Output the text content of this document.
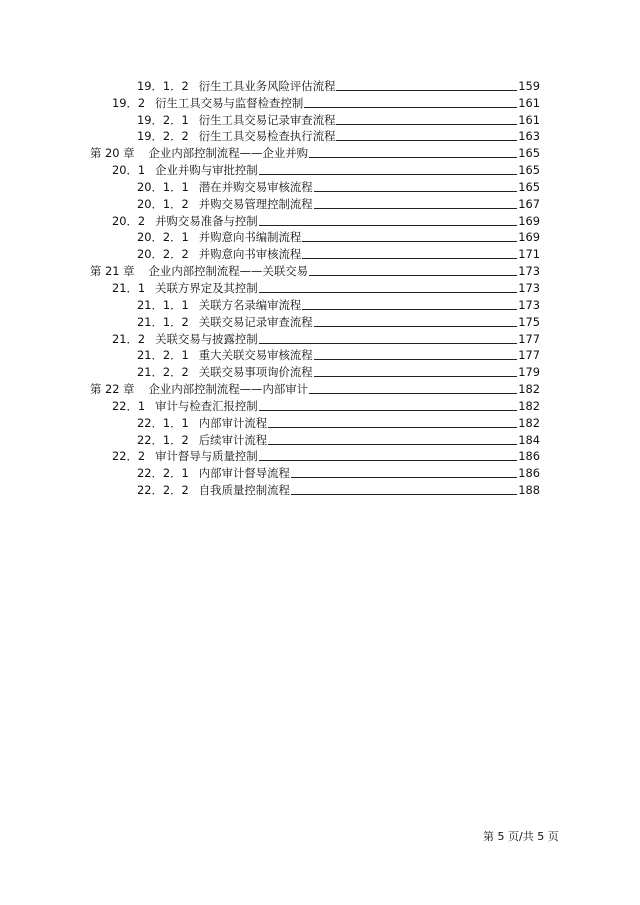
19．1．2 衍生工具业务风险评估流程	159
19．2 衍生工具交易与监督检查控制	161
19．2．1 衍生工具交易记录审查流程	161
19．2．2 衍生工具交易检查执行流程	163
第 20 章 企业内部控制流程——企业并购	165
20．1 企业并购与审批控制	165
20．1．1 潜在并购交易审核流程	165
20．1．2 并购交易管理控制流程	167
20．2 并购交易准备与控制	169
20．2．1 并购意向书编制流程	169
20．2．2 并购意向书审核流程	171
第 21 章 企业内部控制流程——关联交易	173
21．1 关联方界定及其控制	173
21．1．1 关联方名录编审流程	173
21．1．2 关联交易记录审查流程	175
21．2 关联交易与披露控制	177
21．2．1 重大关联交易审核流程	177
21．2．2 关联交易事项询价流程	179
第 22 章 企业内部控制流程——内部审计	182
22．1 审计与检查汇报控制	182
22．1．1 内部审计流程	182
22．1．2 后续审计流程	184
22．2 审计督导与质量控制	186
22．2．1 内部审计督导流程	186
22．2．2 自我质量控制流程	188
第 5 页/共 5 页
